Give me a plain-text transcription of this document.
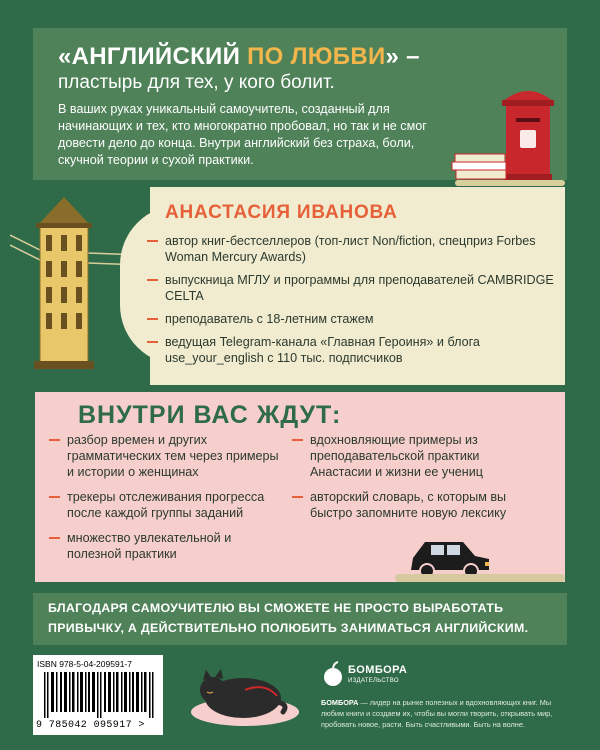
«АНГЛИЙСКИЙ ПО ЛЮБВИ» –
пластырь для тех, у кого болит.
В ваших руках уникальный самоучитель, созданный для начинающих и тех, кто многократно пробовал, но так и не смог довести дело до конца. Внутри английский без страха, боли, скучной теории и сухой практики.
АНАСТАСИЯ ИВАНОВА
автор книг-бестселлеров (топ-лист Non/fiction, спецприз Forbes Woman Mercury Awards)
выпускница МГЛУ и программы для преподавателей CAMBRIDGE CELTA
преподаватель с 18-летним стажем
ведущая Telegram-канала «Главная Героиня» и блога use_your_english с 110 тыс. подписчиков
ВНУТРИ ВАС ЖДУТ:
разбор времен и других грамматических тем через примеры и истории о женщинах
трекеры отслеживания прогресса после каждой группы заданий
множество увлекательной и полезной практики
вдохновляющие примеры из преподавательской практики Анастасии и жизни ее учениц
авторский словарь, с которым вы быстро запомните новую лексику
БЛАГОДАРЯ САМОУЧИТЕЛЮ ВЫ СМОЖЕТЕ НЕ ПРОСТО ВЫРАБОТАТЬ ПРИВЫЧКУ, А ДЕЙСТВИТЕЛЬНО ПОЛЮБИТЬ ЗАНИМАТЬСЯ АНГЛИЙСКИМ.
ISBN 978-5-04-209591-7
9 785042 095917 >
БОМБОРА
ИЗДАТЕЛЬСТВО
БОМБОРА — лидер на рынке полезных и вдохновляющих книг. Мы любим книги и создаем их, чтобы вы могли творить, открывать мир, пробовать новое, расти. Быть счастливыми. Быть на волне.
